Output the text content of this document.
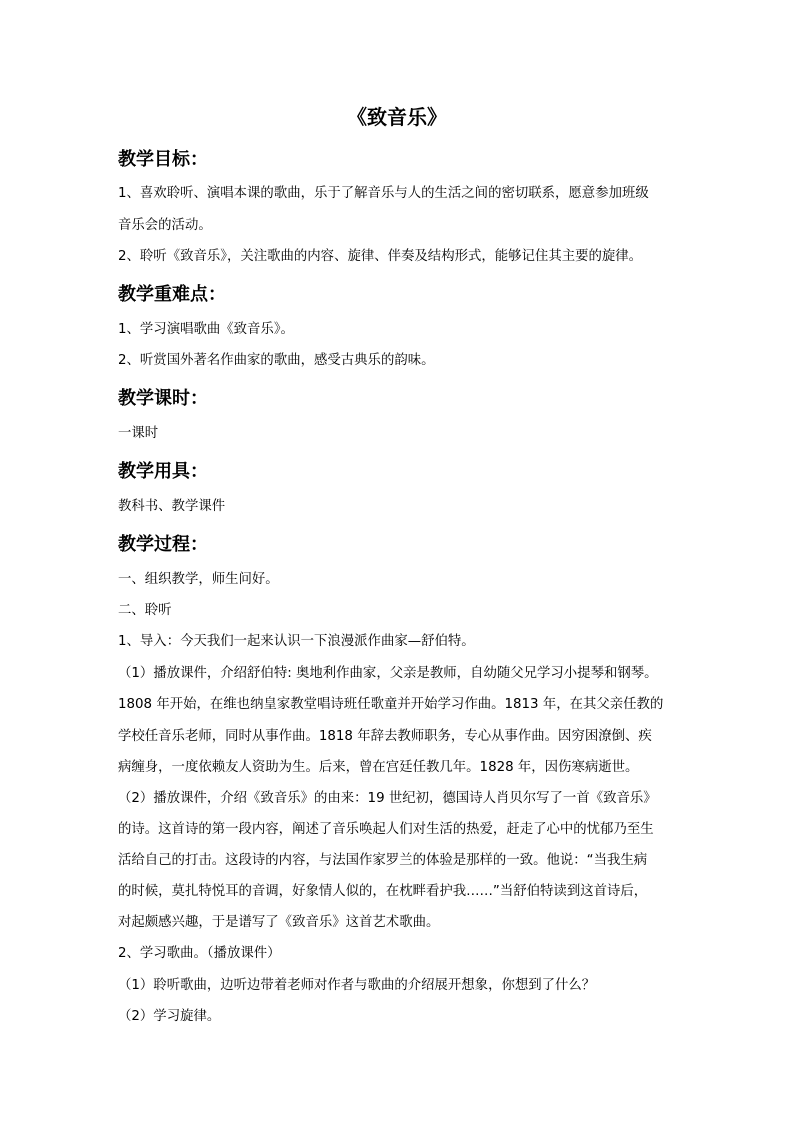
《致音乐》
教学目标：
1、喜欢聆听、演唱本课的歌曲，乐于了解音乐与人的生活之间的密切联系，愿意参加班级
音乐会的活动。
2、聆听《致音乐》，关注歌曲的内容、旋律、伴奏及结构形式，能够记住其主要的旋律。
教学重难点：
1、学习演唱歌曲《致音乐》。
2、听赏国外著名作曲家的歌曲，感受古典乐的韵味。
教学课时：
一课时
教学用具：
教科书、教学课件
教学过程：
一、组织教学，师生问好。
二、聆听
1、导入：今天我们一起来认识一下浪漫派作曲家—舒伯特。
（1）播放课件，介绍舒伯特: 奥地利作曲家，父亲是教师，自幼随父兄学习小提琴和钢琴。
1808 年开始，在维也纳皇家教堂唱诗班任歌童并开始学习作曲。1813 年，在其父亲任教的
学校任音乐老师，同时从事作曲。1818 年辞去教师职务，专心从事作曲。因穷困潦倒、疾
病缠身，一度依赖友人资助为生。后来，曾在宫廷任教几年。1828 年，因伤寒病逝世。
（2）播放课件，介绍《致音乐》的由来：19 世纪初，德国诗人肖贝尔写了一首《致音乐》
的诗。这首诗的第一段内容，阐述了音乐唤起人们对生活的热爱，赶走了心中的忧郁乃至生
活给自己的打击。这段诗的内容，与法国作家罗兰的体验是那样的一致。他说：“当我生病
的时候，莫扎特悦耳的音调，好象情人似的，在枕畔看护我……”当舒伯特读到这首诗后，
对起颇感兴趣，于是谱写了《致音乐》这首艺术歌曲。
2、学习歌曲。（播放课件）
（1）聆听歌曲，边听边带着老师对作者与歌曲的介绍展开想象，你想到了什么？
（2）学习旋律。
